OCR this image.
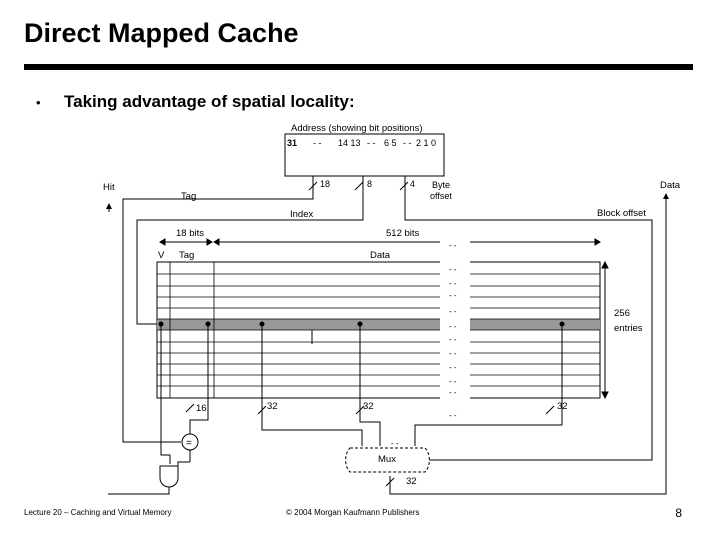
Direct Mapped Cache
• Taking advantage of spatial locality:
Address (showing bit positions)
31 - - 14 13 - - 6 5 - - 2 1 0
18	8	4 Byte
offset
Tag
Index	Block offset
Hit	Data
18 bits	512 bits
V Tag	Data
- -
- -
- -
- -
- -
- -
- -
- -
- -
- -
- -
- -
256
entries
16
=
32	32	32
- -
Mux
32
Lecture 20 – Caching and Virtual Memory	© 2004 Morgan Kaufmann Publishers	8
